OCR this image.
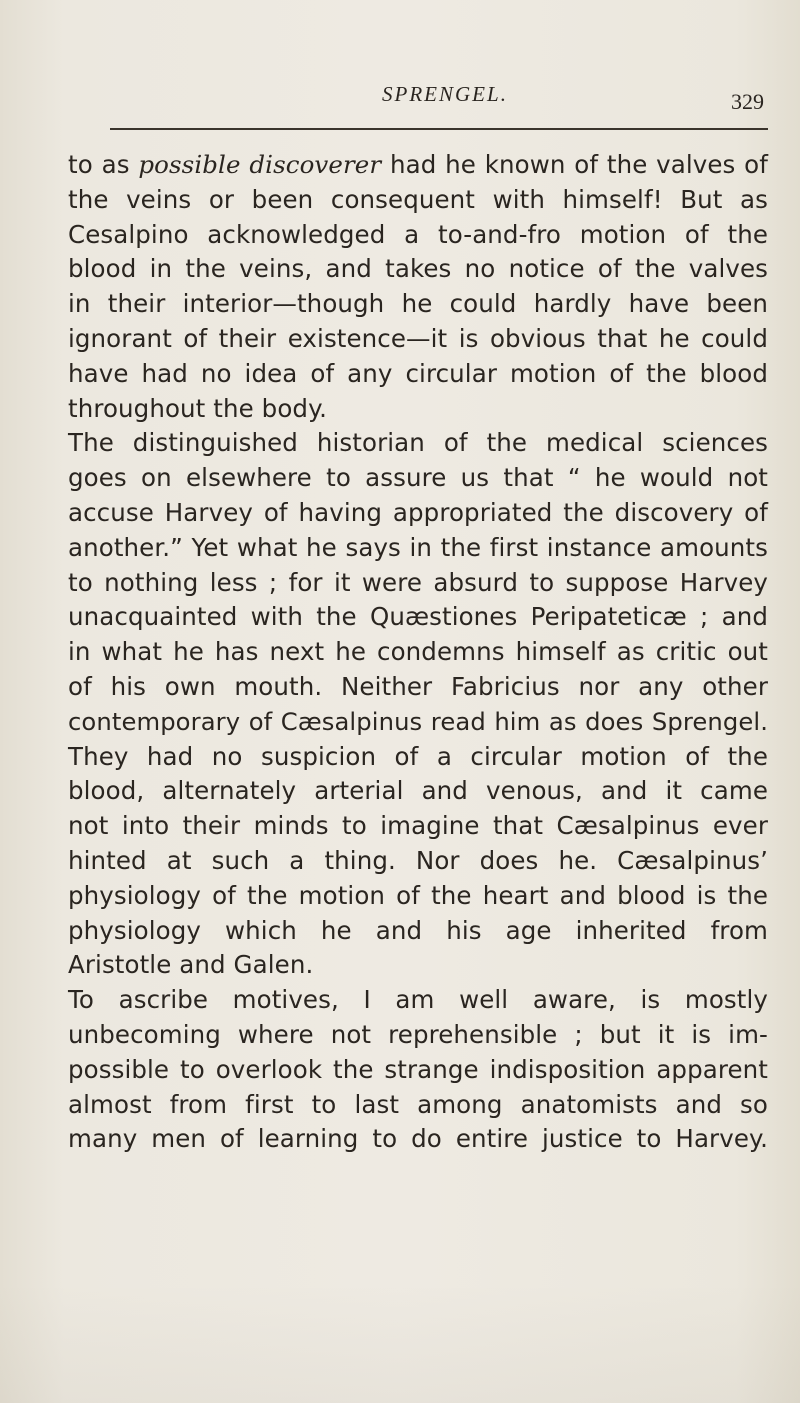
SPRENGEL.	329
to as possible discoverer had he known of the valves of
the veins or been consequent with himself! But as
Cesalpino acknowledged a to-and-fro motion of the
blood in the veins, and takes no notice of the valves
in their interior—though he could hardly have been
ignorant of their existence—it is obvious that he could
have had no idea of any circular motion of the blood
throughout the body.
The distinguished historian of the medical sciences
goes on elsewhere to assure us that “ he would not
accuse Harvey of having appropriated the discovery of
another.” Yet what he says in the first instance amounts
to nothing less ; for it were absurd to suppose Harvey
unacquainted with the Quæstiones Peripateticæ ; and
in what he has next he condemns himself as critic out
of his own mouth. Neither Fabricius nor any other
contemporary of Cæsalpinus read him as does Sprengel.
They had no suspicion of a circular motion of the
blood, alternately arterial and venous, and it came
not into their minds to imagine that Cæsalpinus ever
hinted at such a thing. Nor does he. Cæsalpinus’
physiology of the motion of the heart and blood is the
physiology which he and his age inherited from
Aristotle and Galen.
To ascribe motives, I am well aware, is mostly
unbecoming where not reprehensible ; but it is im-
possible to overlook the strange indisposition apparent
almost from first to last among anatomists and so
many men of learning to do entire justice to Harvey.
